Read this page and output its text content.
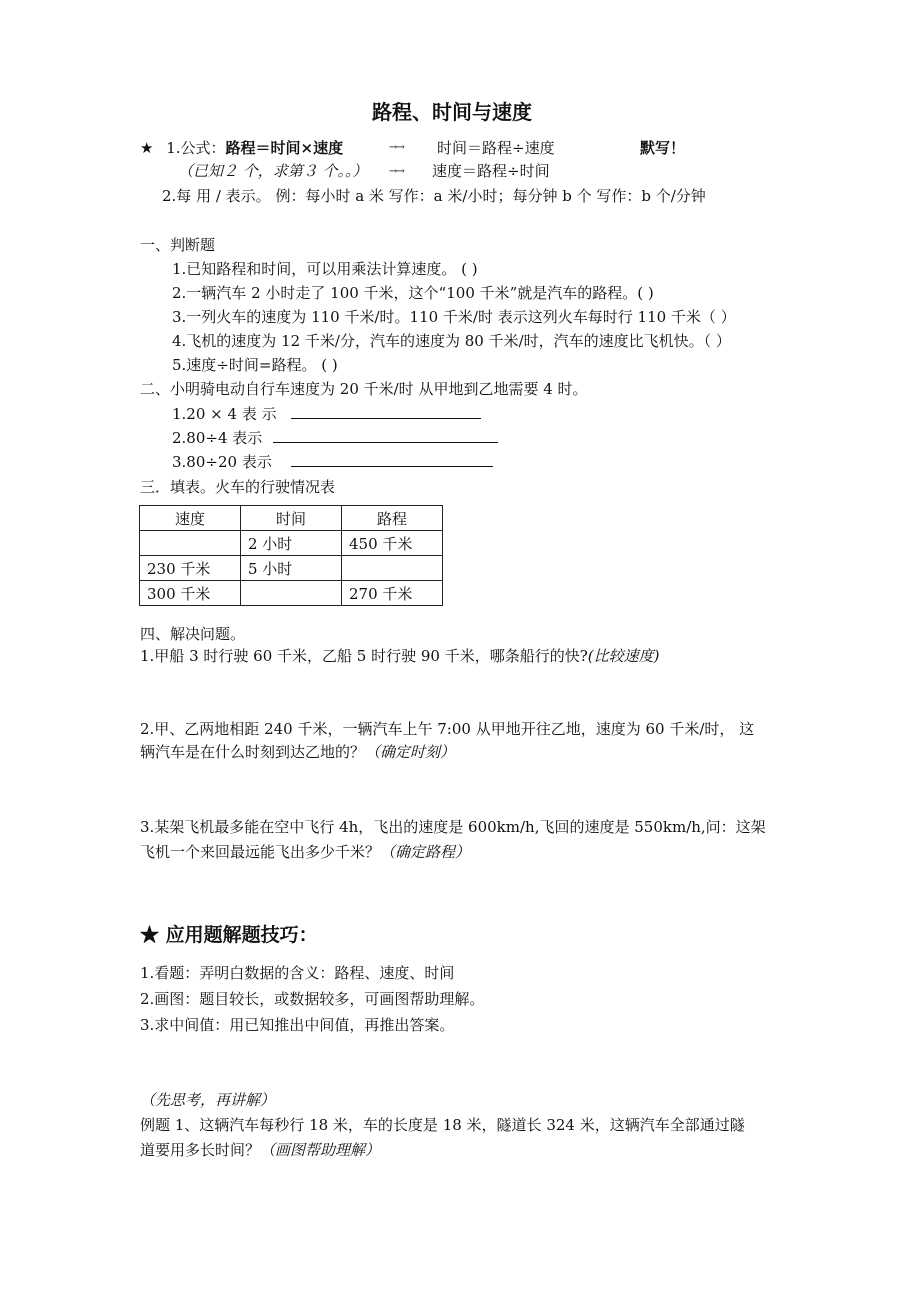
路程、时间与速度
★ 1.公式：路程＝时间×速度	→→ 时间＝路程÷速度	默写！
（已知２ 个，求第３ 个。。） →→ 速度＝路程÷时间
2.每 用 / 表示。 例：每小时 a 米 写作：a 米/小时；每分钟 b 个 写作：b 个/分钟
一、判断题
1.已知路程和时间，可以用乘法计算速度。 ( )
2.一辆汽车 2 小时走了 100 千米，这个“100 千米”就是汽车的路程。( )
3.一列火车的速度为 110 千米/时。110 千米/时 表示这列火车每时行 110 千米（ ）
4.飞机的速度为 12 千米/分，汽车的速度为 80 千米/时，汽车的速度比飞机快。（ ）
5.速度÷时间=路程。 ( )
二、小明骑电动自行车速度为 20 千米/时 从甲地到乙地需要 4 时。
1.20 × 4 表 示
2.80÷4 表示
3.80÷20 表示
三．填表。火车的行驶情况表
速度	时间	路程
	2 小时	450 千米
230 千米	5 小时	
300 千米		270 千米
四、解决问题。
1.甲船 3 时行驶 60 千米，乙船 5 时行驶 90 千米，哪条船行的快?(比较速度)
2.甲、乙两地相距 240 千米，一辆汽车上午 7:00 从甲地开往乙地，速度为 60 千米/时， 这
辆汽车是在什么时刻到达乙地的？（确定时刻）
3.某架飞机最多能在空中飞行 4h，飞出的速度是 600km/h,飞回的速度是 550km/h,问：这架
飞机一个来回最远能飞出多少千米？（确定路程）
★ 应用题解题技巧：
1.看题：弄明白数据的含义：路程、速度、时间
2.画图：题目较长，或数据较多，可画图帮助理解。
3.求中间值：用已知推出中间值，再推出答案。
（先思考，再讲解）
例题 1、这辆汽车每秒行 18 米，车的长度是 18 米，隧道长 324 米，这辆汽车全部通过隧
道要用多长时间？（画图帮助理解）
